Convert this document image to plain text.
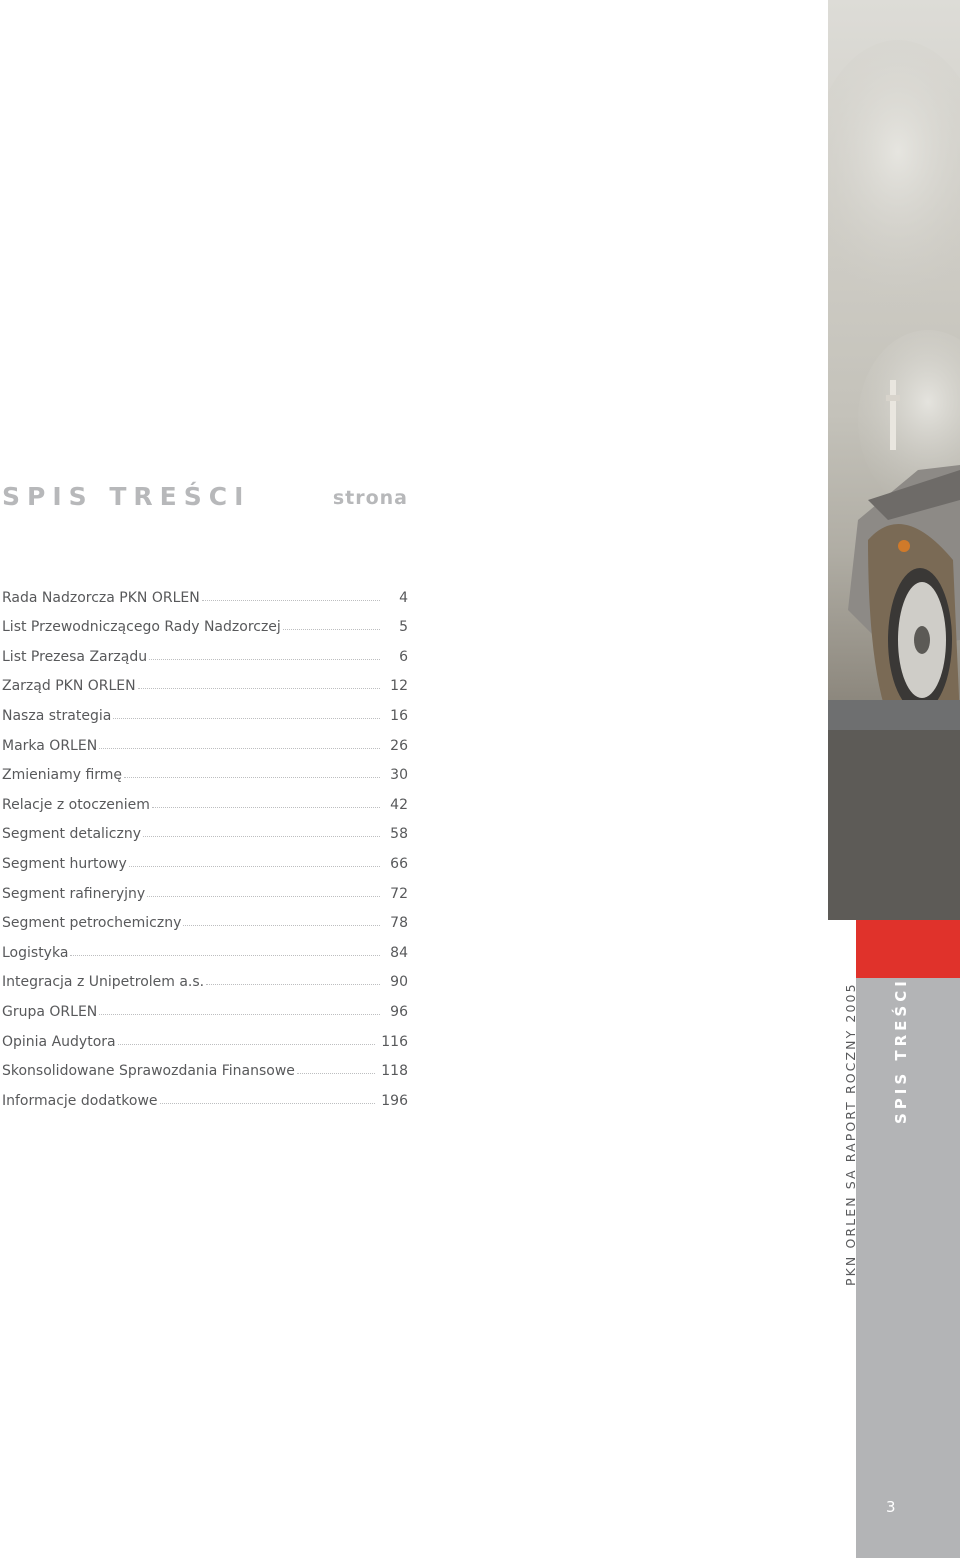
SPIS TREŚCI	strona
Rada Nadzorcza PKN ORLEN	4
List Przewodniczącego Rady Nadzorczej	5
List Prezesa Zarządu	6
Zarząd PKN ORLEN	12
Nasza strategia	16
Marka ORLEN	26
Zmieniamy firmę	30
Relacje z otoczeniem	42
Segment detaliczny	58
Segment hurtowy	66
Segment rafineryjny	72
Segment petrochemiczny	78
Logistyka	84
Integracja z Unipetrolem a.s.	90
Grupa ORLEN	96
Opinia Audytora	116
Skonsolidowane Sprawozdania Finansowe	118
Informacje dodatkowe	196	PKN ORLEN SA RAPORT ROCZNY 2005 SPIS TREŚCI
3
